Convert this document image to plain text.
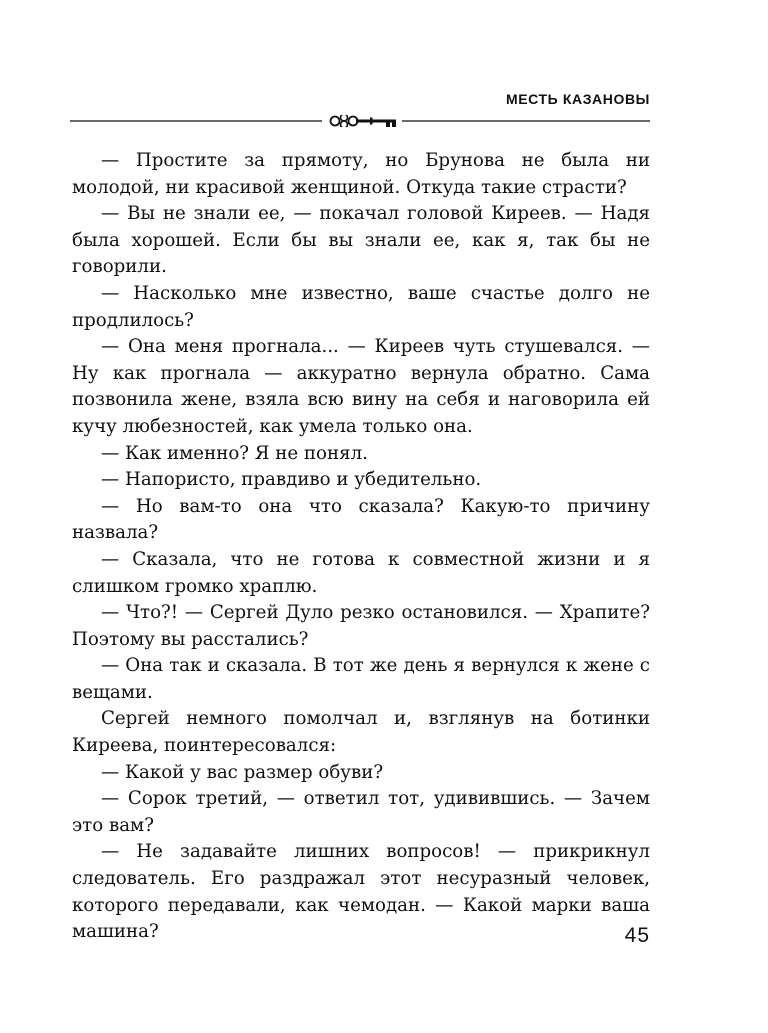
МЕСТЬ КАЗАНОВЫ

— Простите за прямоту, но Брунова не была ни молодой, ни красивой женщиной. Откуда такие страсти?

— Вы не знали ее, — покачал головой Киреев. — Надя была хорошей. Если бы вы знали ее, как я, так бы не говорили.

— Насколько мне известно, ваше счастье долго не продлилось?

— Она меня прогнала... — Киреев чуть стушевался. — Ну как прогнала — аккуратно вернула обратно. Сама позвонила жене, взяла всю вину на себя и наговорила ей кучу любезностей, как умела только она.

— Как именно? Я не понял.

— Напористо, правдиво и убедительно.

— Но вам-то она что сказала? Какую-то причину назвала?

— Сказала, что не готова к совместной жизни и я слишком громко храплю.

— Что?! — Сергей Дуло резко остановился. — Храпите? Поэтому вы расстались?

— Она так и сказала. В тот же день я вернулся к жене с вещами.

Сергей немного помолчал и, взглянув на ботинки Киреева, поинтересовался:

— Какой у вас размер обуви?

— Сорок третий, — ответил тот, удивившись. — Зачем это вам?

— Не задавайте лишних вопросов! — прикрикнул следователь. Его раздражал этот несуразный человек, которого передавали, как чемодан. — Какой марки ваша машина?	45
